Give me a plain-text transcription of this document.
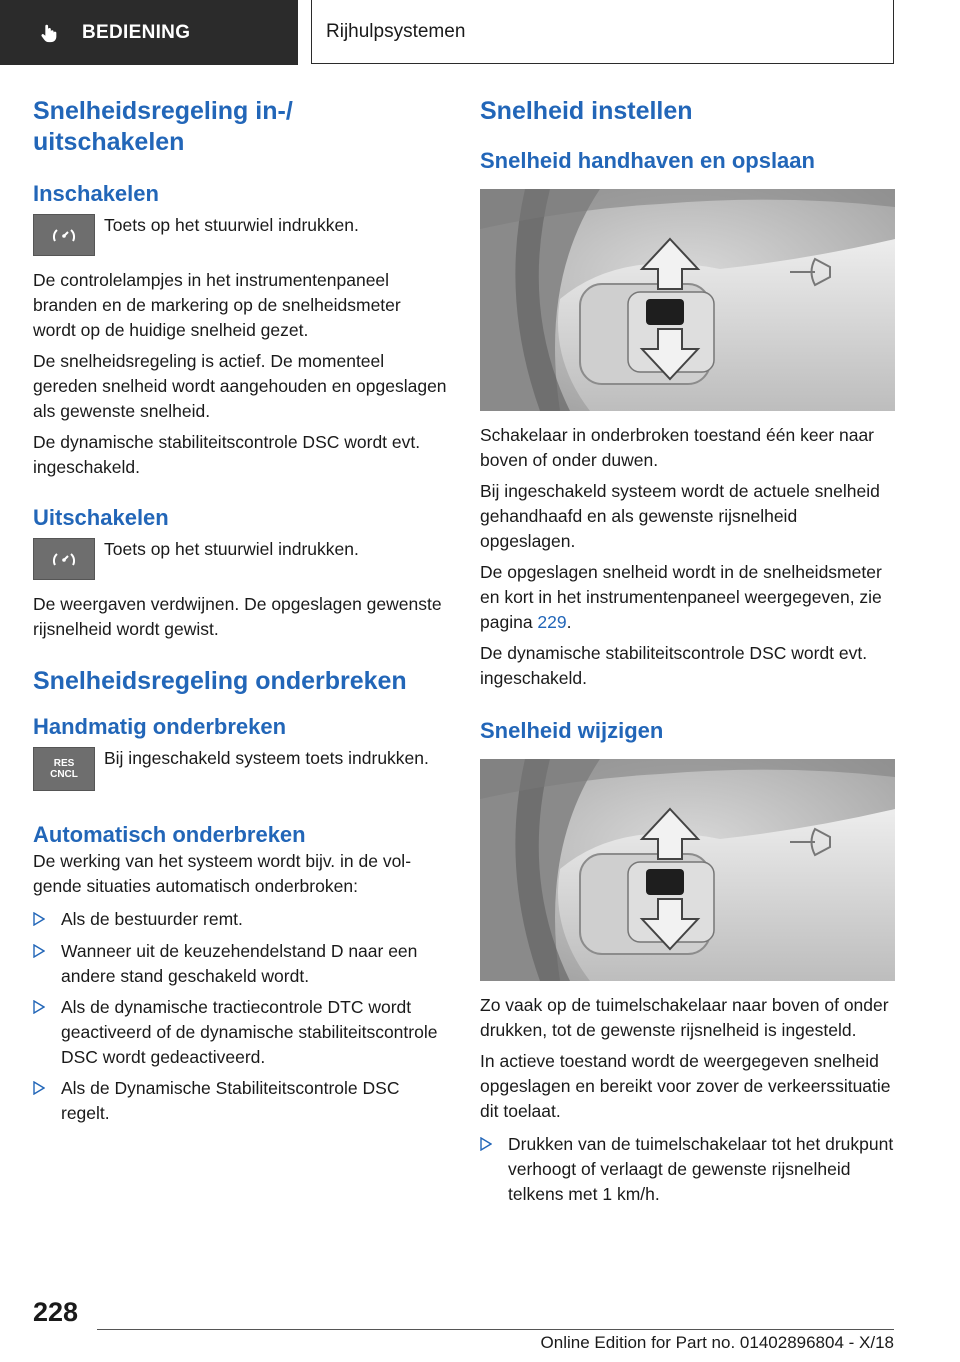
BEDIENING	Rijhulpsystemen
Snelheidsregeling in-/ uitschakelen
Inschakelen

Toets op het stuurwiel indrukken.

De controlelampjes in het instrumentenpaneel branden en de markering op de snelheidsmeter wordt op de huidige snelheid gezet.

De snelheidsregeling is actief. De momenteel gereden snelheid wordt aangehouden en opgeslagen als gewenste snelheid.

De dynamische stabiliteitscontrole DSC wordt evt. ingeschakeld.

Uitschakelen

Toets op het stuurwiel indrukken.

De weergaven verdwijnen. De opgeslagen gewenste rijsnelheid wordt gewist.

Snelheidsregeling onderbreken
Handmatig onderbreken
RES
CNCL

Bij ingeschakeld systeem toets indrukken.

Automatisch onderbreken

De werking van het systeem wordt bijv. in de volgende situaties automatisch onderbroken:

Als de bestuurder remt.
Wanneer uit de keuzehendelstand D naar een andere stand geschakeld wordt.
Als de dynamische tractiecontrole DTC wordt geactiveerd of de dynamische stabiliteitscontrole DSC wordt gedeactiveerd.
Als de Dynamische Stabiliteitscontrole DSC regelt.
Snelheid instellen
Snelheid handhaven en opslaan

Schakelaar in onderbroken toestand één keer naar boven of onder duwen.

Bij ingeschakeld systeem wordt de actuele snelheid gehandhaafd en als gewenste rijsnelheid opgeslagen.

De opgeslagen snelheid wordt in de snelheidsmeter en kort in het instrumentenpaneel weergegeven, zie pagina 229.

De dynamische stabiliteitscontrole DSC wordt evt. ingeschakeld.

Snelheid wijzigen

Zo vaak op de tuimelschakelaar naar boven of onder drukken, tot de gewenste rijsnelheid is ingesteld.

In actieve toestand wordt de weergegeven snelheid opgeslagen en bereikt voor zover de verkeerssituatie dit toelaat.

Drukken van de tuimelschakelaar tot het drukpunt verhoogt of verlaagt de gewenste rijsnelheid telkens met 1 km/h.
228
Online Edition for Part no. 01402896804 - X/18
